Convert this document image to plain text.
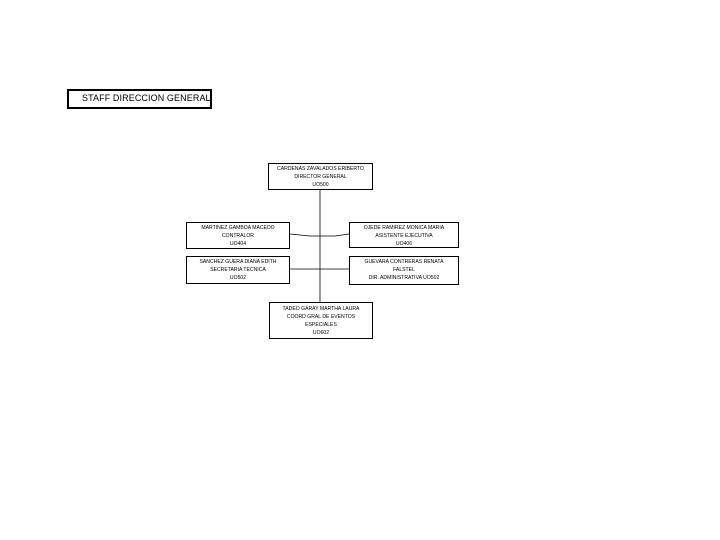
STAFF DIRECCION GENERAL
CARDENAS ZAVALADOS ERIBERTO
DIRECTOR GENERAL
UO500
MARTINEZ GAMBOA MACEDO
CONTRALOR
UO404
OJEDE RAMIREZ MONICA MARIA
ASISTENTE EJECUTIVA
UO406
SANCHEZ GUERA DIANA EDITH
SECRETARIA TECNICA
UO502
GUEVARA CONTRERAS RENATA
FALSTEL
DIR. ADMINISTRATIVA UO502
TADEO GARAY MARTHA LAURA
COORD GRAL DE EVENTOS
ESPECIALES
UO602
